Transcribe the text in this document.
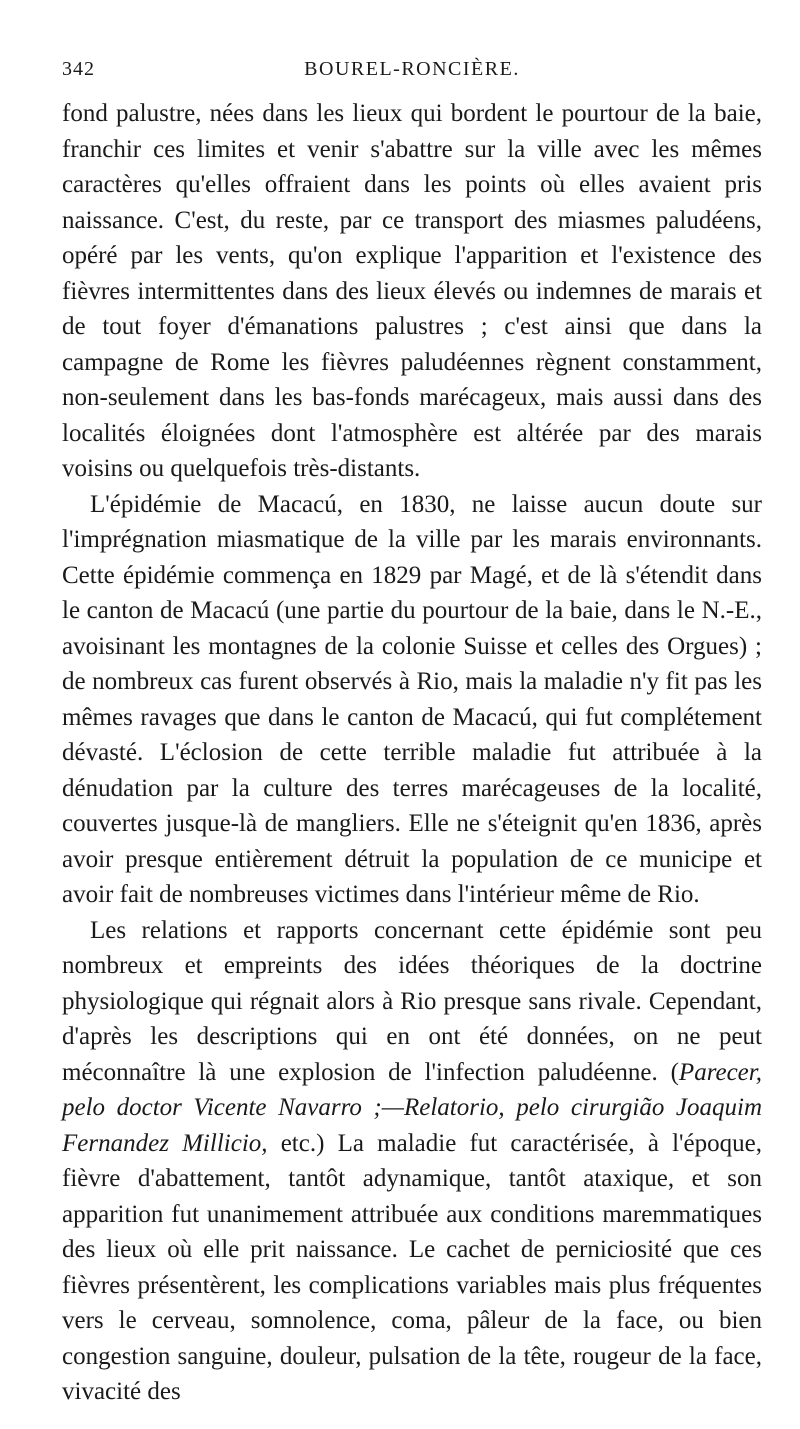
342	BOUREL-RONCIÈRE.

fond palustre, nées dans les lieux qui bordent le pourtour de la baie, franchir ces limites et venir s'abattre sur la ville avec les mêmes caractères qu'elles offraient dans les points où elles avaient pris naissance. C'est, du reste, par ce transport des miasmes paludéens, opéré par les vents, qu'on explique l'apparition et l'existence des fièvres intermittentes dans des lieux élevés ou indemnes de marais et de tout foyer d'émanations palustres ; c'est ainsi que dans la campagne de Rome les fièvres paludéennes règnent constamment, non-seulement dans les bas-fonds marécageux, mais aussi dans des localités éloignées dont l'atmosphère est altérée par des marais voisins ou quelquefois très-distants.

L'épidémie de Macacú, en 1830, ne laisse aucun doute sur l'imprégnation miasmatique de la ville par les marais environnants. Cette épidémie commença en 1829 par Magé, et de là s'étendit dans le canton de Macacú (une partie du pourtour de la baie, dans le N.-E., avoisinant les montagnes de la colonie Suisse et celles des Orgues) ; de nombreux cas furent observés à Rio, mais la maladie n'y fit pas les mêmes ravages que dans le canton de Macacú, qui fut complétement dévasté. L'éclosion de cette terrible maladie fut attribuée à la dénudation par la culture des terres marécageuses de la localité, couvertes jusque-là de mangliers. Elle ne s'éteignit qu'en 1836, après avoir presque entièrement détruit la population de ce municipe et avoir fait de nombreuses victimes dans l'intérieur même de Rio.

Les relations et rapports concernant cette épidémie sont peu nombreux et empreints des idées théoriques de la doctrine physiologique qui régnait alors à Rio presque sans rivale. Cependant, d'après les descriptions qui en ont été données, on ne peut méconnaître là une explosion de l'infection paludéenne. (Parecer, pelo doctor Vicente Navarro ;—Relatorio, pelo cirurgião Joaquim Fernandez Millicio, etc.) La maladie fut caractérisée, à l'époque, fièvre d'abattement, tantôt adynamique, tantôt ataxique, et son apparition fut unanimement attribuée aux conditions maremmatiques des lieux où elle prit naissance. Le cachet de perniciosité que ces fièvres présentèrent, les complications variables mais plus fréquentes vers le cerveau, somnolence, coma, pâleur de la face, ou bien congestion sanguine, douleur, pulsation de la tête, rougeur de la face, vivacité des
